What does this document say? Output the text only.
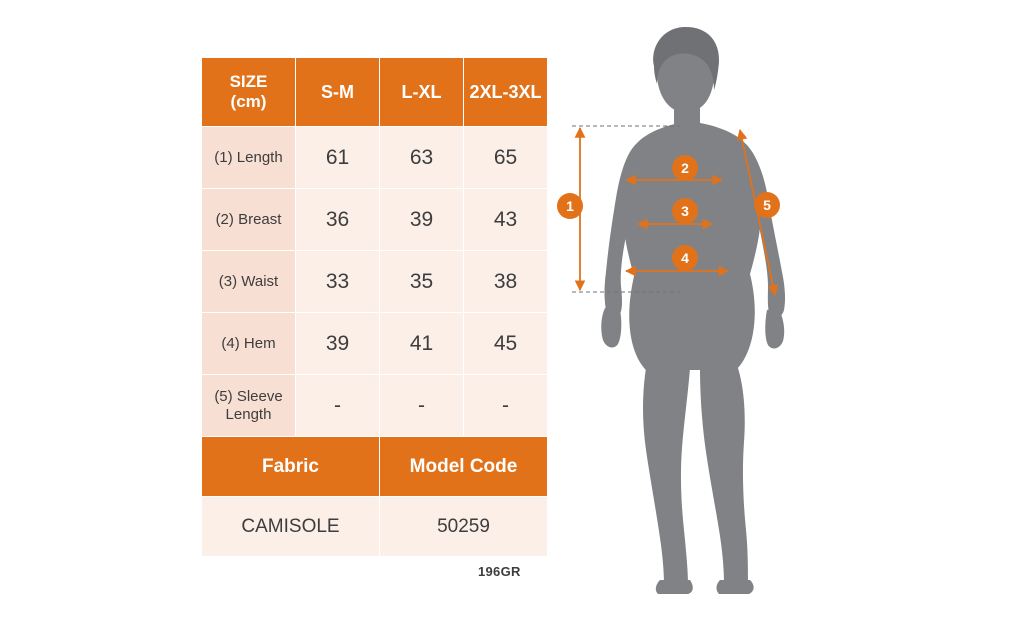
SIZE
(cm)	S-M	L-XL	2XL-3XL
(1) Length	61	63	65
(2) Breast	36	39	43
(3) Waist	33	35	38
(4) Hem	39	41	45
(5) Sleeve Length	-	-	-
Fabric		Model Code	
CAMISOLE		50259	
196GR
1
2
3
4
5
